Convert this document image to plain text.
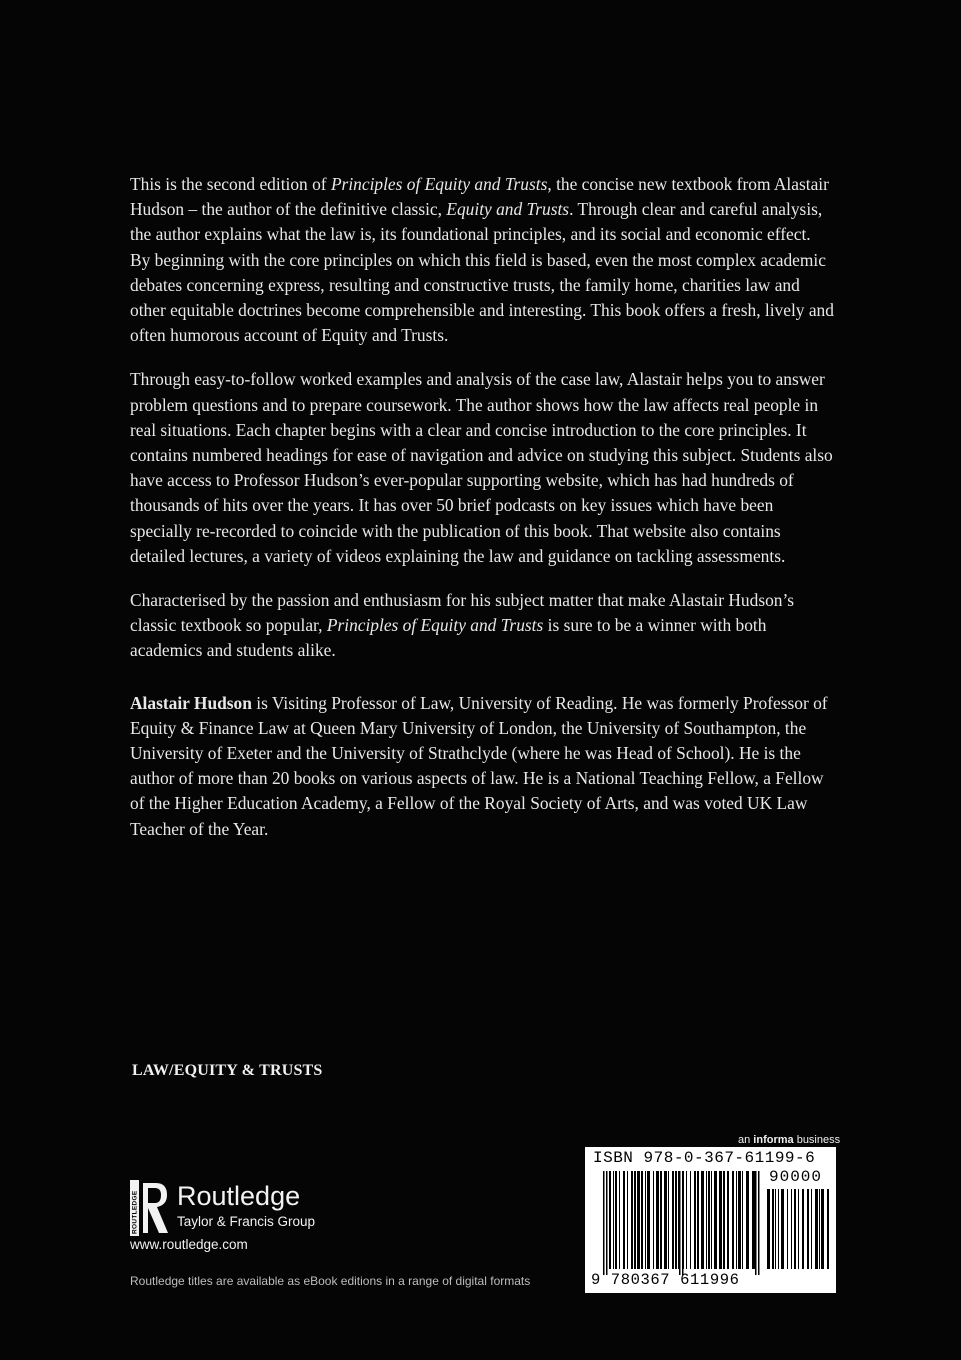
This is the second edition of Principles of Equity and Trusts, the concise new textbook from Alastair Hudson – the author of the definitive classic, Equity and Trusts. Through clear and careful analysis, the author explains what the law is, its foundational principles, and its social and economic effect. By beginning with the core principles on which this field is based, even the most complex academic debates concerning express, resulting and constructive trusts, the family home, charities law and other equitable doctrines become comprehensible and interesting. This book offers a fresh, lively and often humorous account of Equity and Trusts.

Through easy-to-follow worked examples and analysis of the case law, Alastair helps you to answer problem questions and to prepare coursework. The author shows how the law affects real people in real situations. Each chapter begins with a clear and concise introduction to the core principles. It contains numbered headings for ease of navigation and advice on studying this subject. Students also have access to Professor Hudson’s ever-popular supporting website, which has had hundreds of thousands of hits over the years. It has over 50 brief podcasts on key issues which have been specially re-recorded to coincide with the publication of this book. That website also contains detailed lectures, a variety of videos explaining the law and guidance on tackling assessments.

Characterised by the passion and enthusiasm for his subject matter that make Alastair Hudson’s classic textbook so popular, Principles of Equity and Trusts is sure to be a winner with both academics and students alike.

Alastair Hudson is Visiting Professor of Law, University of Reading. He was formerly Professor of Equity & Finance Law at Queen Mary University of London, the University of Southampton, the University of Exeter and the University of Strathclyde (where he was Head of School). He is the author of more than 20 books on various aspects of law. He is a National Teaching Fellow, a Fellow of the Higher Education Academy, a Fellow of the Royal Society of Arts, and was voted UK Law Teacher of the Year.

LAW/EQUITY & TRUSTS
ROUTLEDGE Routledge
Taylor & Francis Group
www.routledge.com
Routledge titles are available as eBook editions in a range of digital formats
an informa business
ISBN 978-0-367-61199-6
90000
9 780367 611996
